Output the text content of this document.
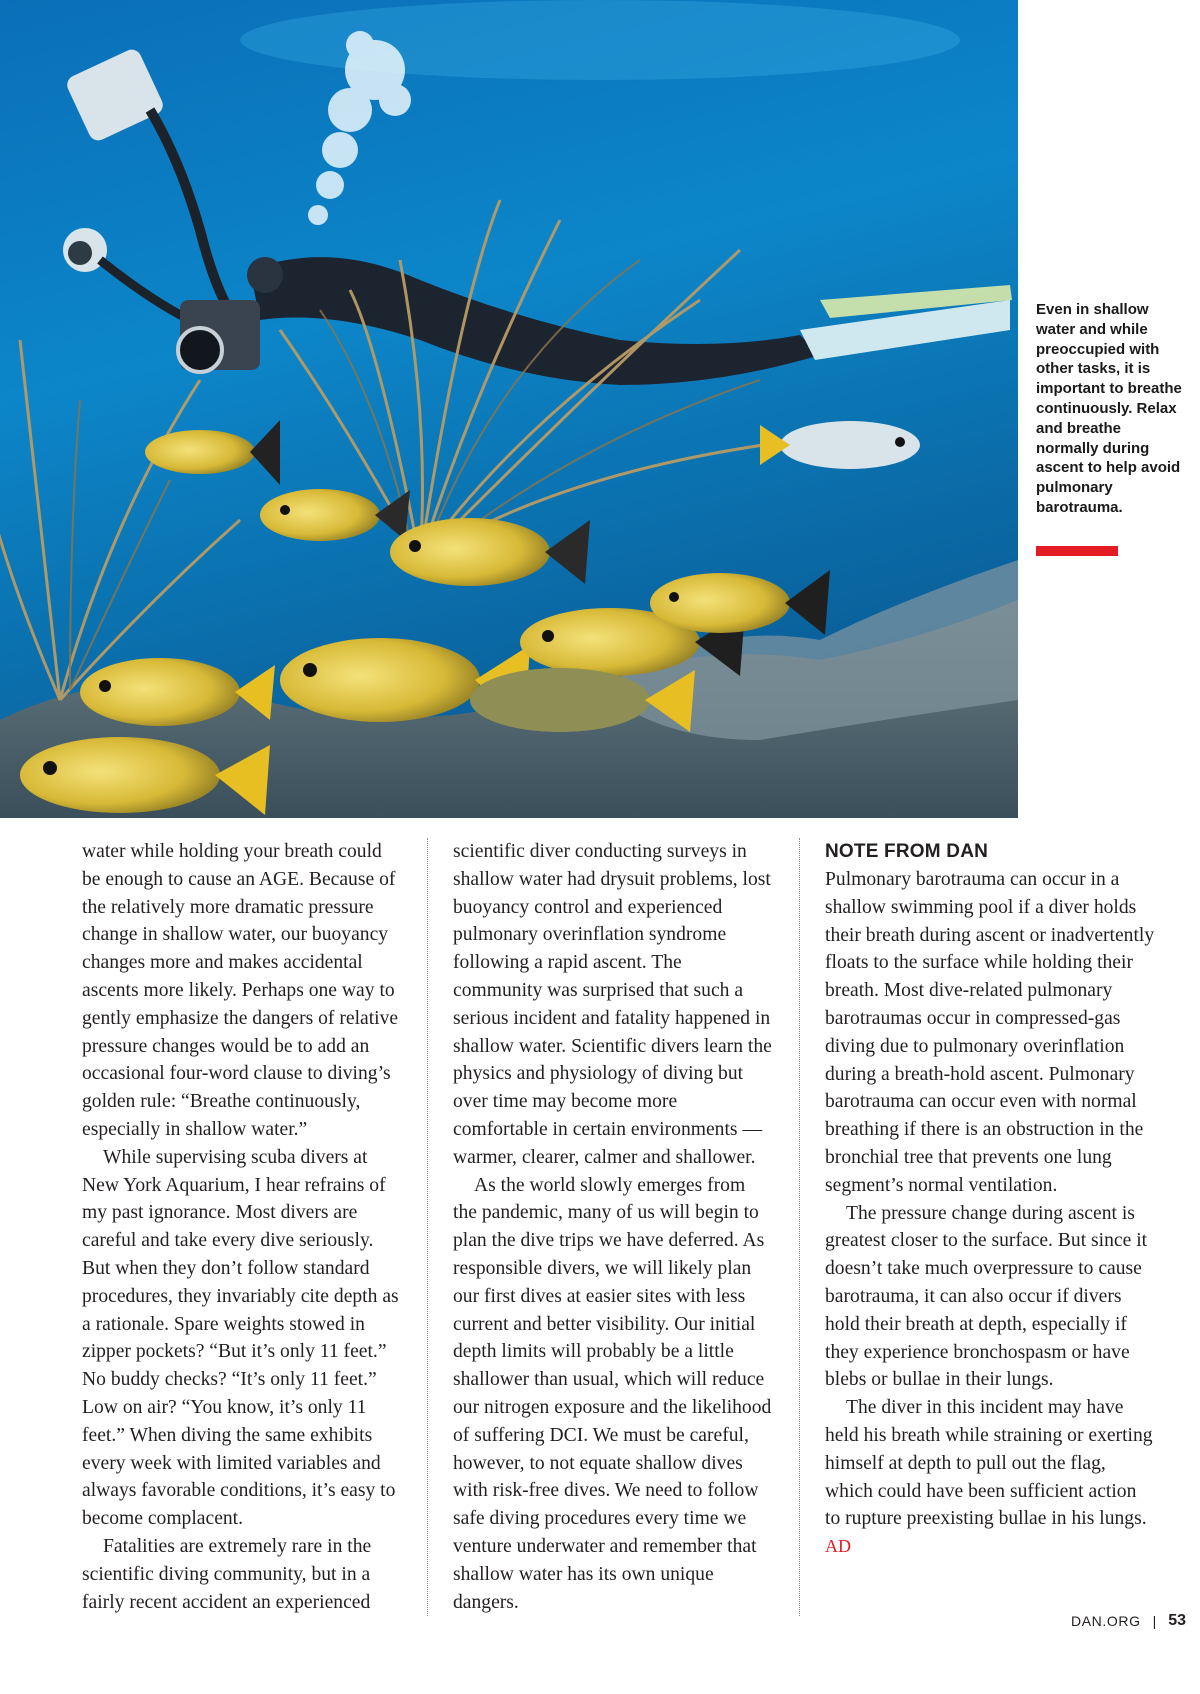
Even in shallow water and while preoccupied with other tasks, it is important to breathe continuously. Relax and breathe normally during ascent to help avoid pulmonary barotrauma.

water while holding your breath could be enough to cause an AGE. Because of the relatively more dramatic pressure change in shallow water, our buoyancy changes more and makes accidental ascents more likely. Perhaps one way to gently emphasize the dangers of relative pressure changes would be to add an occasional four-word clause to diving’s golden rule: “Breathe continuously, especially in shallow water.”

While supervising scuba divers at New York Aquarium, I hear refrains of my past ignorance. Most divers are careful and take every dive seriously. But when they don’t follow standard procedures, they invariably cite depth as a rationale. Spare weights stowed in zipper pockets? “But it’s only 11 feet.” No buddy checks? “It’s only 11 feet.” Low on air? “You know, it’s only 11 feet.” When diving the same exhibits every week with limited variables and always favorable conditions, it’s easy to become complacent.

Fatalities are extremely rare in the scientific diving community, but in a fairly recent accident an experienced

scientific diver conducting surveys in shallow water had drysuit problems, lost buoyancy control and experienced pulmonary overinflation syndrome following a rapid ascent. The community was surprised that such a serious incident and fatality happened in shallow water. Scientific divers learn the physics and physiology of diving but over time may become more comfortable in certain environments — warmer, clearer, calmer and shallower.

As the world slowly emerges from the pandemic, many of us will begin to plan the dive trips we have deferred. As responsible divers, we will likely plan our first dives at easier sites with less current and better visibility. Our initial depth limits will probably be a little shallower than usual, which will reduce our nitrogen exposure and the likelihood of suffering DCI. We must be careful, however, to not equate shallow dives with risk-free dives. We need to follow safe diving procedures every time we venture underwater and remember that shallow water has its own unique dangers.

NOTE FROM DAN

Pulmonary barotrauma can occur in a shallow swimming pool if a diver holds their breath during ascent or inadvertently floats to the surface while holding their breath. Most dive-related pulmonary barotraumas occur in compressed-gas diving due to pulmonary overinflation during a breath-hold ascent. Pulmonary barotrauma can occur even with normal breathing if there is an obstruction in the bronchial tree that prevents one lung segment’s normal ventilation.

The pressure change during ascent is greatest closer to the surface. But since it doesn’t take much overpressure to cause barotrauma, it can also occur if divers hold their breath at depth, especially if they experience bronchospasm or have blebs or bullae in their lungs.

The diver in this incident may have held his breath while straining or exerting himself at depth to pull out the flag, which could have been sufficient action to rupture preexisting bullae in his lungs. AD

DAN.ORG | 53
